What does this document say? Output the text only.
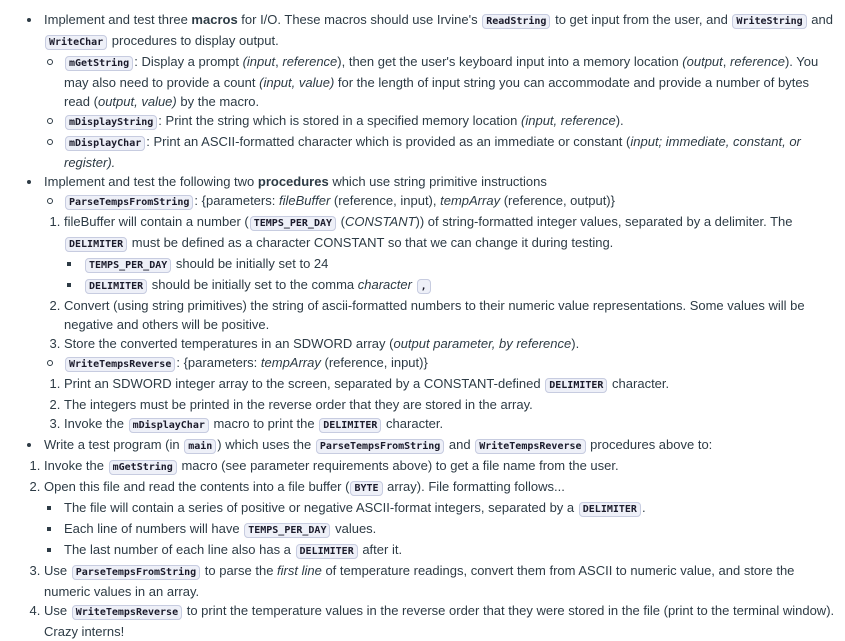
Implement and test three macros for I/O. These macros should use Irvine's ReadString to get input from the user, and WriteString and WriteChar procedures to display output.
mGetString : Display a prompt (input, reference), then get the user's keyboard input into a memory location (output, reference). You may also need to provide a count (input, value) for the length of input string you can accommodate and provide a number of bytes read (output, value) by the macro.
mDisplayString : Print the string which is stored in a specified memory location (input, reference).
mDisplayChar : Print an ASCII-formatted character which is provided as an immediate or constant (input; immediate, constant, or register).
Implement and test the following two procedures which use string primitive instructions
ParseTempsFromString : {parameters: fileBuffer (reference, input), tempArray (reference, output)}
1. fileBuffer will contain a number ( TEMPS_PER_DAY (CONSTANT)) of string-formatted integer values, separated by a delimiter. The DELIMITER must be defined as a character CONSTANT so that we can change it during testing.
TEMPS_PER_DAY should be initially set to 24
DELIMITER should be initially set to the comma character ,
2. Convert (using string primitives) the string of ascii-formatted numbers to their numeric value representations. Some values will be negative and others will be positive.
3. Store the converted temperatures in an SDWORD array (output parameter, by reference).
WriteTempsReverse : {parameters: tempArray (reference, input)}
1. Print an SDWORD integer array to the screen, separated by a CONSTANT-defined DELIMITER character.
2. The integers must be printed in the reverse order that they are stored in the array.
3. Invoke the mDisplayChar macro to print the DELIMITER character.
Write a test program (in main ) which uses the ParseTempsFromString and WriteTempsReverse procedures above to:
1. Invoke the mGetString macro (see parameter requirements above) to get a file name from the user.
2. Open this file and read the contents into a file buffer ( BYTE array). File formatting follows...
The file will contain a series of positive or negative ASCII-format integers, separated by a DELIMITER .
Each line of numbers will have TEMPS_PER_DAY values.
The last number of each line also has a DELIMITER after it.
3. Use ParseTempsFromString to parse the first line of temperature readings, convert them from ASCII to numeric value, and store the numeric values in an array.
4. Use WriteTempsReverse to print the temperature values in the reverse order that they were stored in the file (print to the terminal window). Crazy interns!
